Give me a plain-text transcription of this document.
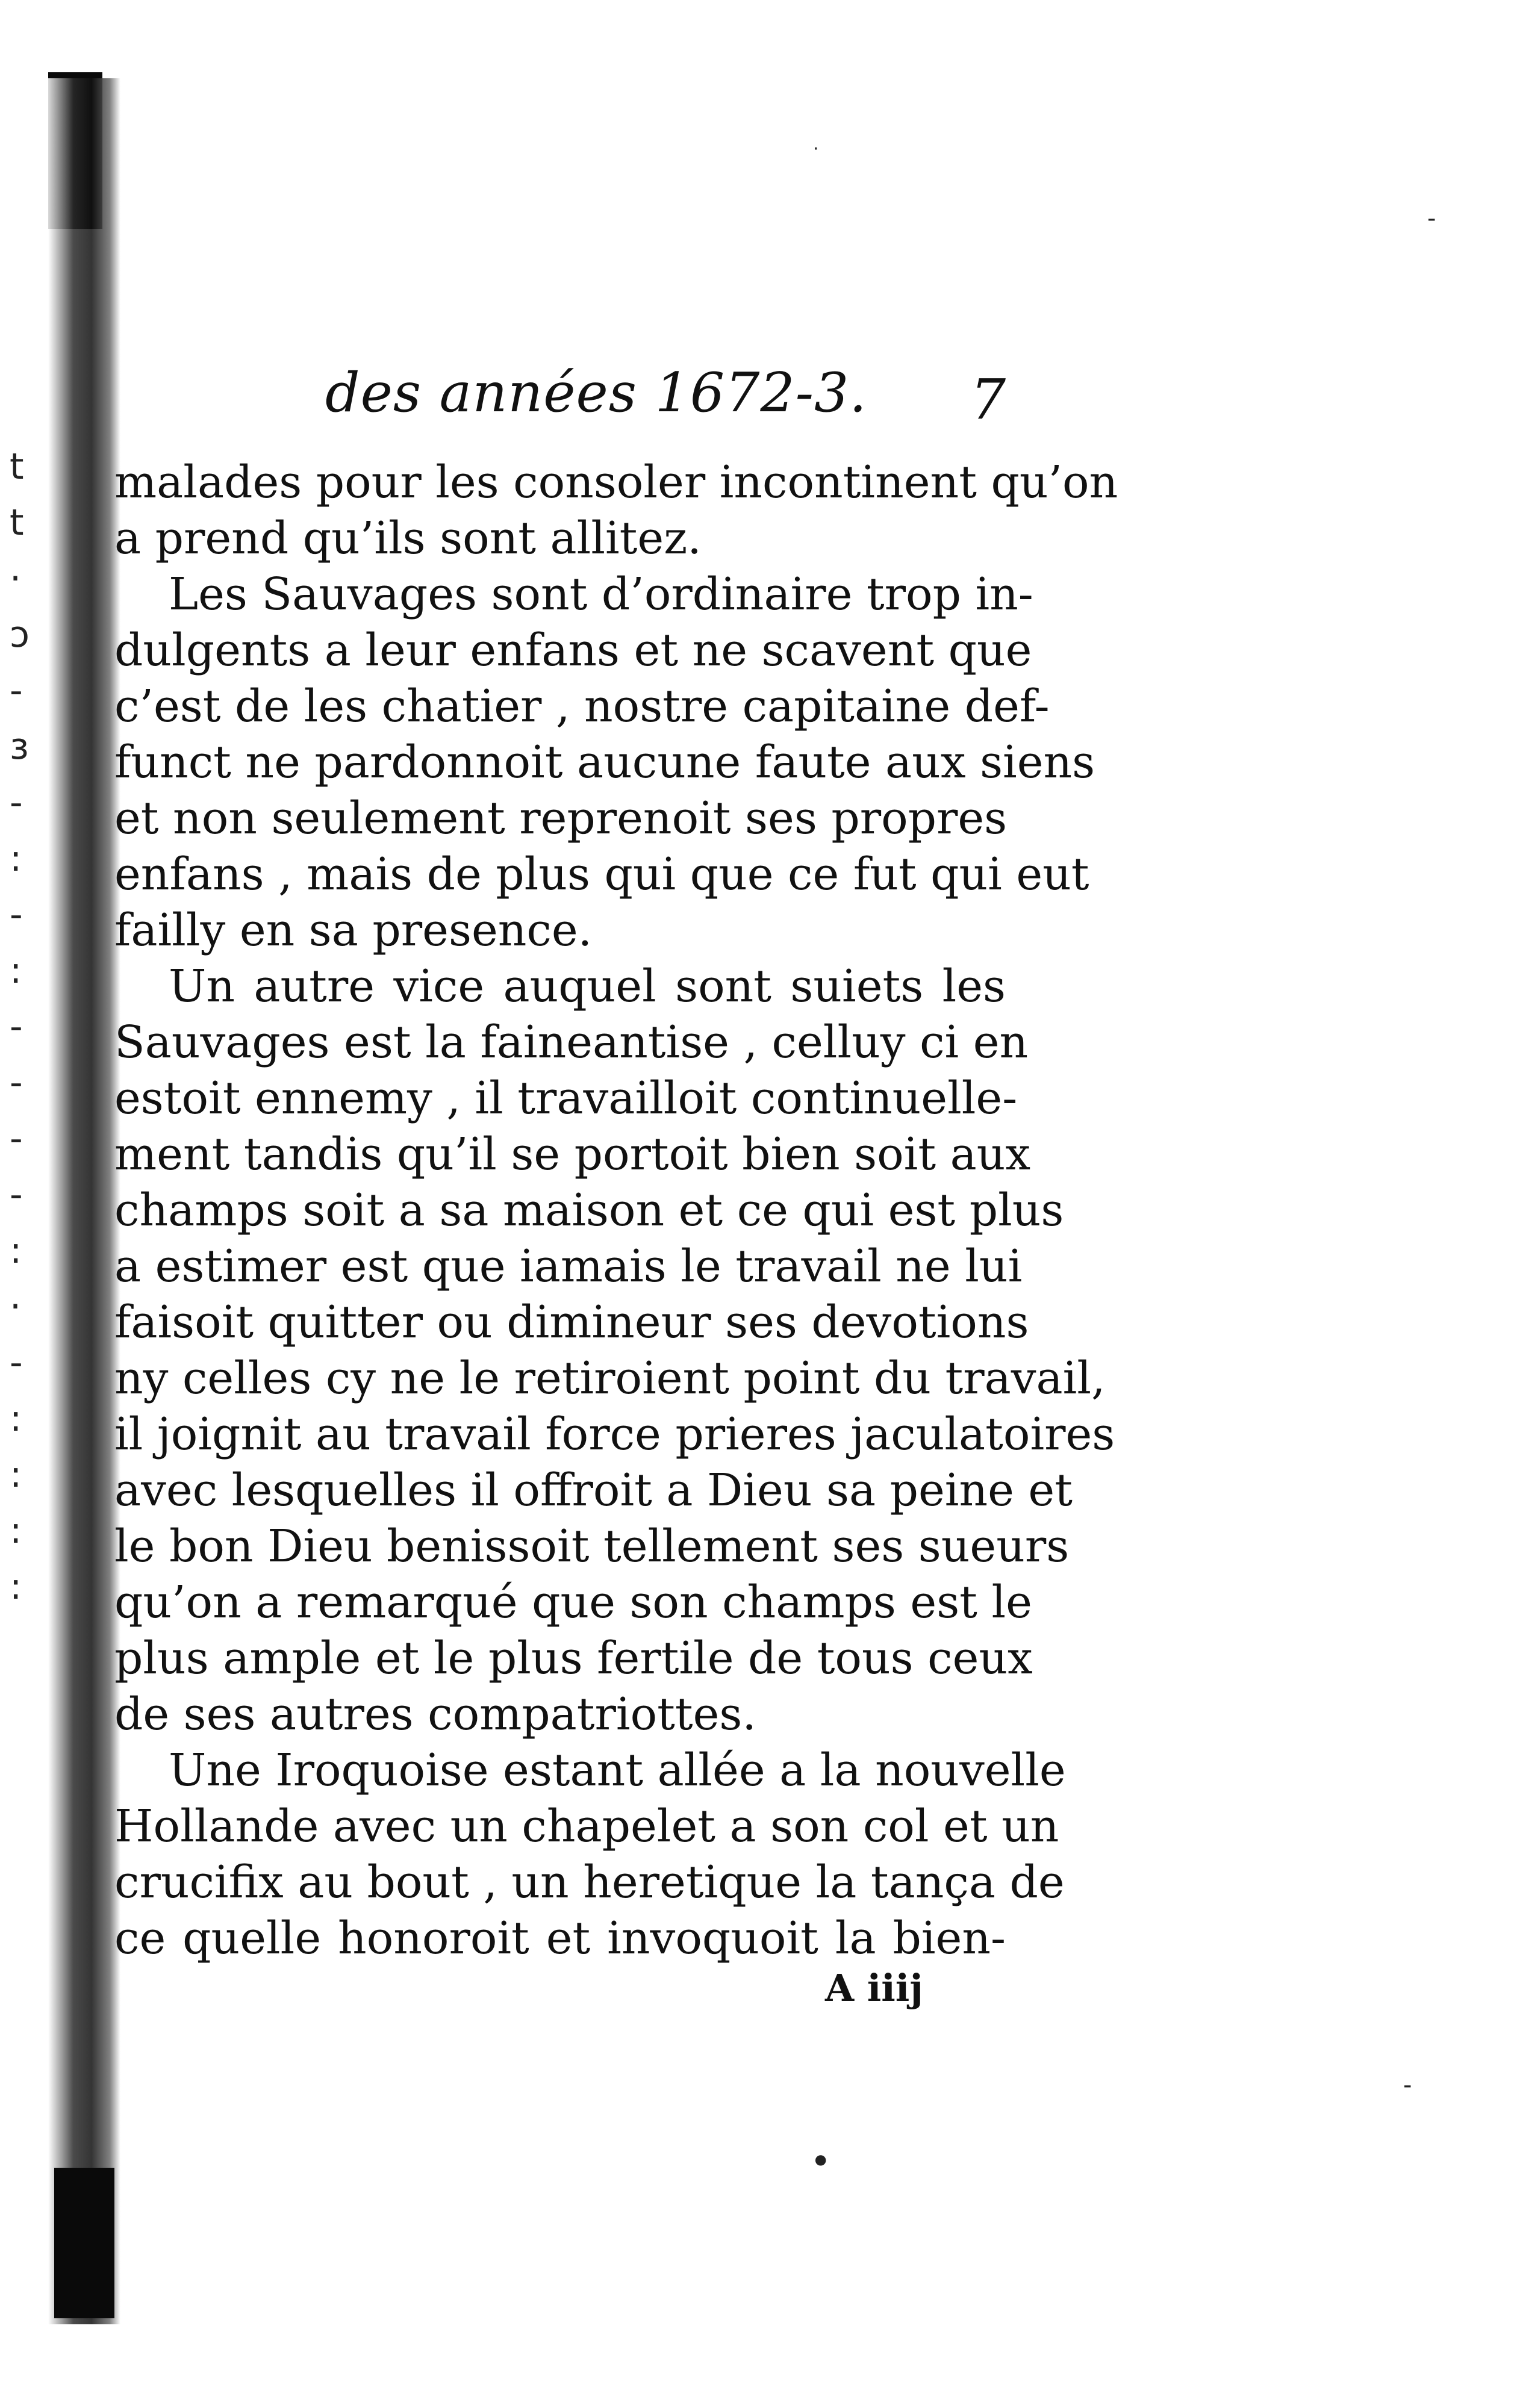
t
t
·
ɔ
-
ɜ
-
:
-
:
-
-
-
-
:
·
-
:
:
:
:
des années 1672-3. 7
malades pour les consoler incontinent qu’on
a prend qu’ils sont allitez.
Les Sauvages sont d’ordinaire trop in-
dulgents a leur enfans et ne scavent que
c’est de les chatier , nostre capitaine def-
funct ne pardonnoit aucune faute aux siens
et non seulement reprenoit ses propres
enfans , mais de plus qui que ce fut qui eut
failly en sa presence.
Un autre vice auquel sont suiets les
Sauvages est la faineantise , celluy ci en
estoit ennemy , il travailloit continuelle-
ment tandis qu’il se portoit bien soit aux
champs soit a sa maison et ce qui est plus
a estimer est que iamais le travail ne lui
faisoit quitter ou dimineur ses devotions
ny celles cy ne le retiroient point du travail,
il joignit au travail force prieres jaculatoires
avec lesquelles il offroit a Dieu sa peine et
le bon Dieu benissoit tellement ses sueurs
qu’on a remarqué que son champs est le
plus ample et le plus fertile de tous ceux
de ses autres compatriottes.
Une Iroquoise estant allée a la nouvelle
Hollande avec un chapelet a son col et un
crucifix au bout , un heretique la tança de
ce quelle honoroit et invoquoit la bien-
A iiij
·
•
-
-
